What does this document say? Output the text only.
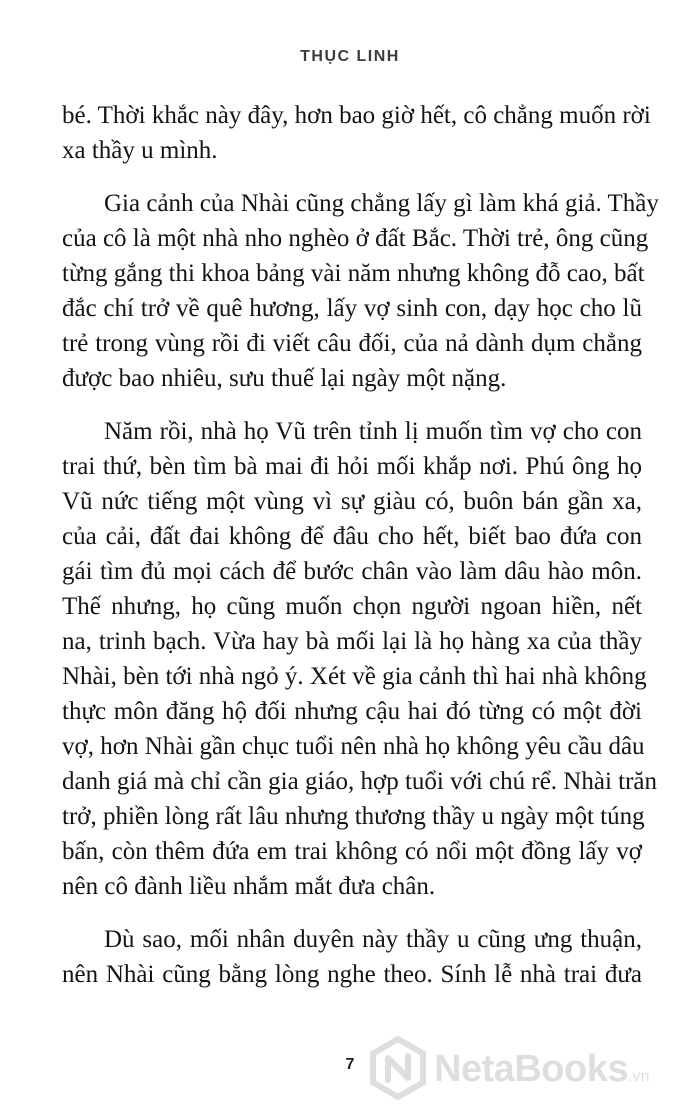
THỤC LINH

bé. Thời khắc này đây, hơn bao giờ hết, cô chẳng muốn rời
xa thầy u mình.

Gia cảnh của Nhài cũng chẳng lấy gì làm khá giả. Thầy
của cô là một nhà nho nghèo ở đất Bắc. Thời trẻ, ông cũng
từng gắng thi khoa bảng vài năm nhưng không đỗ cao, bất
đắc chí trở về quê hương, lấy vợ sinh con, dạy học cho lũ
trẻ trong vùng rồi đi viết câu đối, của nả dành dụm chẳng
được bao nhiêu, sưu thuế lại ngày một nặng.

Năm rồi, nhà họ Vũ trên tỉnh lị muốn tìm vợ cho con
trai thứ, bèn tìm bà mai đi hỏi mối khắp nơi. Phú ông họ
Vũ nức tiếng một vùng vì sự giàu có, buôn bán gần xa,
của cải, đất đai không để đâu cho hết, biết bao đứa con
gái tìm đủ mọi cách để bước chân vào làm dâu hào môn.
Thế nhưng, họ cũng muốn chọn người ngoan hiền, nết
na, trinh bạch. Vừa hay bà mối lại là họ hàng xa của thầy
Nhài, bèn tới nhà ngỏ ý. Xét về gia cảnh thì hai nhà không
thực môn đăng hộ đối nhưng cậu hai đó từng có một đời
vợ, hơn Nhài gần chục tuổi nên nhà họ không yêu cầu dâu
danh giá mà chỉ cần gia giáo, hợp tuổi với chú rể. Nhài trăn
trở, phiền lòng rất lâu nhưng thương thầy u ngày một túng
bấn, còn thêm đứa em trai không có nổi một đồng lấy vợ
nên cô đành liều nhắm mắt đưa chân.

Dù sao, mối nhân duyên này thầy u cũng ưng thuận,
nên Nhài cũng bằng lòng nghe theo. Sính lễ nhà trai đưa

7	NetaBooks.vn
